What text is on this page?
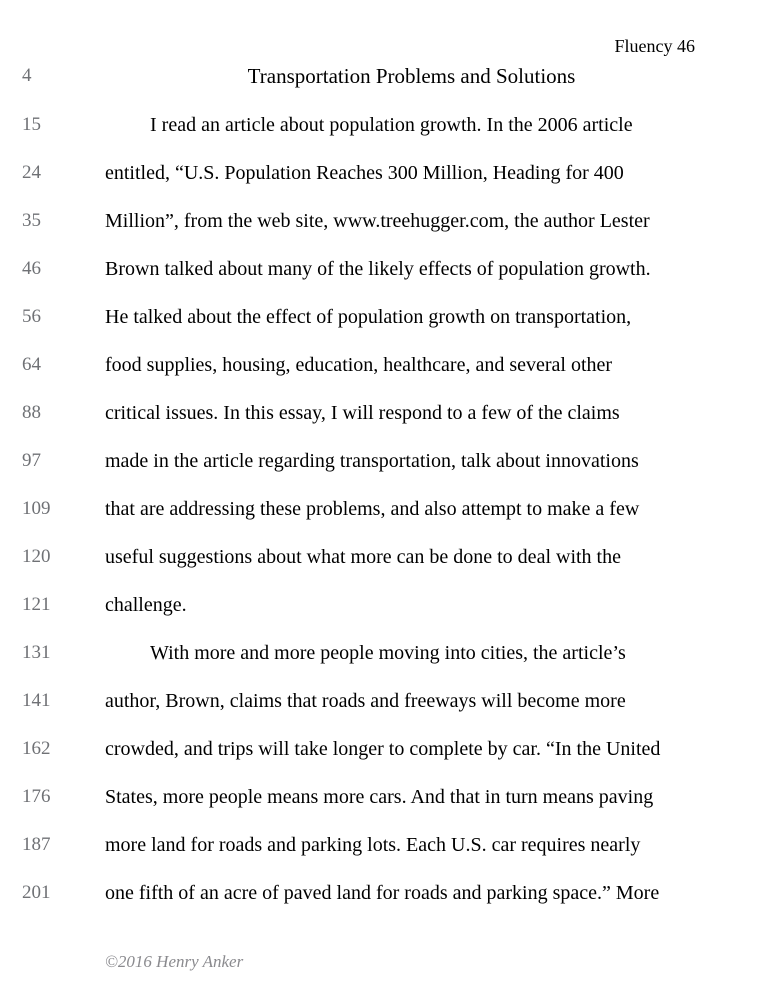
Fluency 46
4	Transportation Problems and Solutions
15	I read an article about population growth. In the 2006 article
24	entitled, “U.S. Population Reaches 300 Million, Heading for 400
35	Million”, from the web site, www.treehugger.com, the author Lester
46	Brown talked about many of the likely effects of population growth.
56	He talked about the effect of population growth on transportation,
64	food supplies, housing, education, healthcare, and several other
88	critical issues. In this essay, I will respond to a few of the claims
97	made in the article regarding transportation, talk about innovations
109	that are addressing these problems, and also attempt to make a few
120	useful suggestions about what more can be done to deal with the
121	challenge.
131	With more and more people moving into cities, the article’s
141	author, Brown, claims that roads and freeways will become more
162	crowded, and trips will take longer to complete by car. “In the United
176	States, more people means more cars. And that in turn means paving
187	more land for roads and parking lots. Each U.S. car requires nearly
201	one fifth of an acre of paved land for roads and parking space.” More
©2016 Henry Anker
